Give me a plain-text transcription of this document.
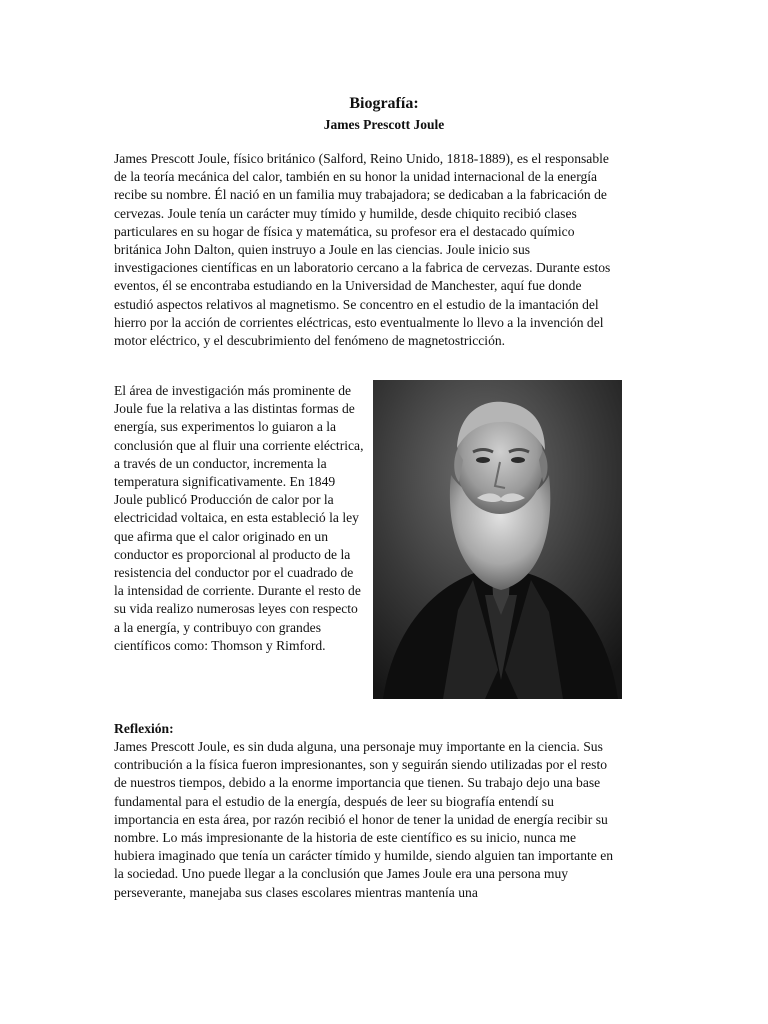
Biografía:
James Prescott Joule

James Prescott Joule, físico británico (Salford, Reino Unido, 1818-1889), es el responsable de la teoría mecánica del calor, también en su honor la unidad internacional de la energía recibe su nombre. Él nació en un familia muy trabajadora; se dedicaban a la fabricación de cervezas. Joule tenía un carácter muy tímido y humilde, desde chiquito recibió clases particulares en su hogar de física y matemática, su profesor era el destacado químico británica John Dalton, quien instruyo a Joule en las ciencias. Joule inicio sus investigaciones científicas en un laboratorio cercano a la fabrica de cervezas. Durante estos eventos, él se encontraba estudiando en la Universidad de Manchester, aquí fue donde estudió aspectos relativos al magnetismo. Se concentro en el estudio de la imantación del hierro por la acción de corrientes eléctricas, esto eventualmente lo llevo a la invención del motor eléctrico, y el descubrimiento del fenómeno de magnetostricción.

El área de investigación más prominente de Joule fue la relativa a las distintas formas de energía, sus experimentos lo guiaron a la conclusión que al fluir una corriente eléctrica, a través de un conductor, incrementa la temperatura significativamente. En 1849 Joule publicó Producción de calor por la electricidad voltaica, en esta estableció la ley que afirma que el calor originado en un conductor es proporcional al producto de la resistencia del conductor por el cuadrado de la intensidad de corriente. Durante el resto de su vida realizo numerosas leyes con respecto a la energía, y contribuyo con grandes científicos como: Thomson y Rimford.

Reflexión:

James Prescott Joule, es sin duda alguna, una personaje muy importante en la ciencia. Sus contribución a la física fueron impresionantes, son y seguirán siendo utilizadas por el resto de nuestros tiempos, debido a la enorme importancia que tienen. Su trabajo dejo una base fundamental para el estudio de la energía, después de leer su biografía entendí su importancia en esta área, por razón recibió el honor de tener la unidad de energía recibir su nombre. Lo más impresionante de la historia de este científico es su inicio, nunca me hubiera imaginado que tenía un carácter tímido y humilde, siendo alguien tan importante en la sociedad. Uno puede llegar a la conclusión que James Joule era una persona muy perseverante, manejaba sus clases escolares mientras mantenía una
